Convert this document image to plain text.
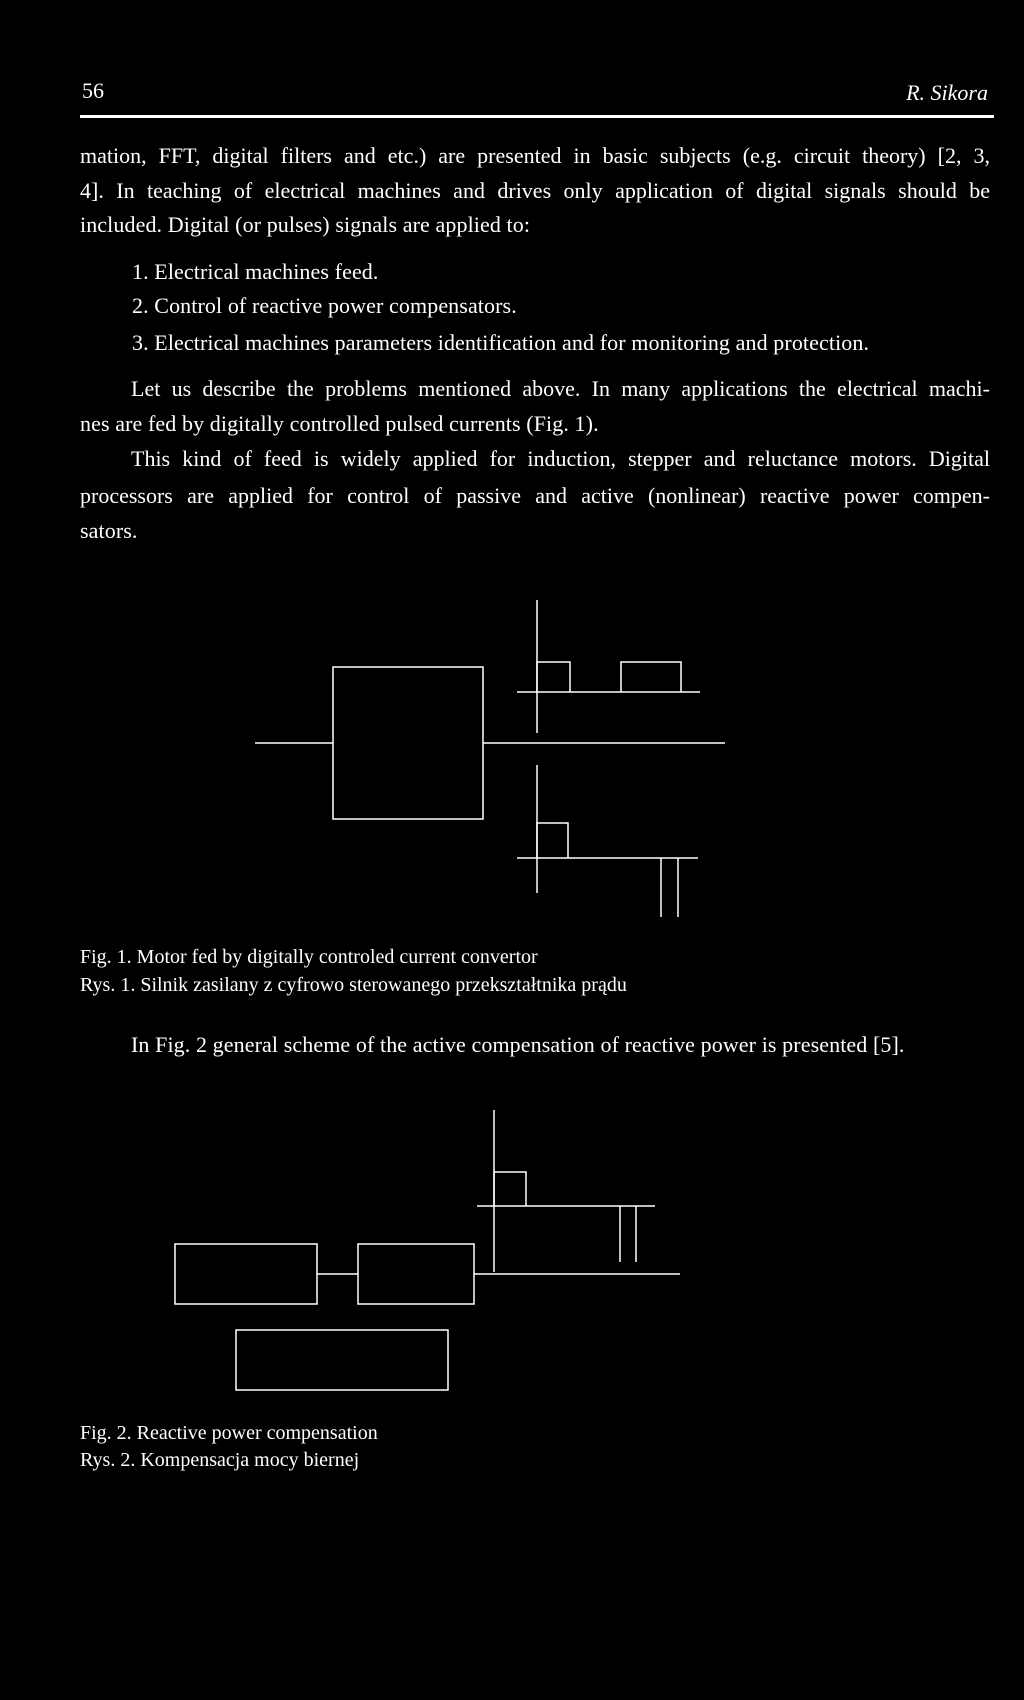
56	R. Sikora
mation, FFT, digital filters and etc.) are presented in basic subjects (e.g. circuit theory) [2, 3,
4]. In teaching of electrical machines and drives only application of digital signals should be
included. Digital (or pulses) signals are applied to:
1. Electrical machines feed.
2. Control of reactive power compensators.
3. Electrical machines parameters identification and for monitoring and protection.
Let us describe the problems mentioned above. In many applications the electrical machi-
nes are fed by digitally controlled pulsed currents (Fig. 1).
This kind of feed is widely applied for induction, stepper and reluctance motors. Digital
processors are applied for control of passive and active (nonlinear) reactive power compen-
sators.
Fig. 1. Motor fed by digitally controled current convertor
Rys. 1. Silnik zasilany z cyfrowo sterowanego przekształtnika prądu
In Fig. 2 general scheme of the active compensation of reactive power is presented [5].
Fig. 2. Reactive power compensation
Rys. 2. Kompensacja mocy biernej
